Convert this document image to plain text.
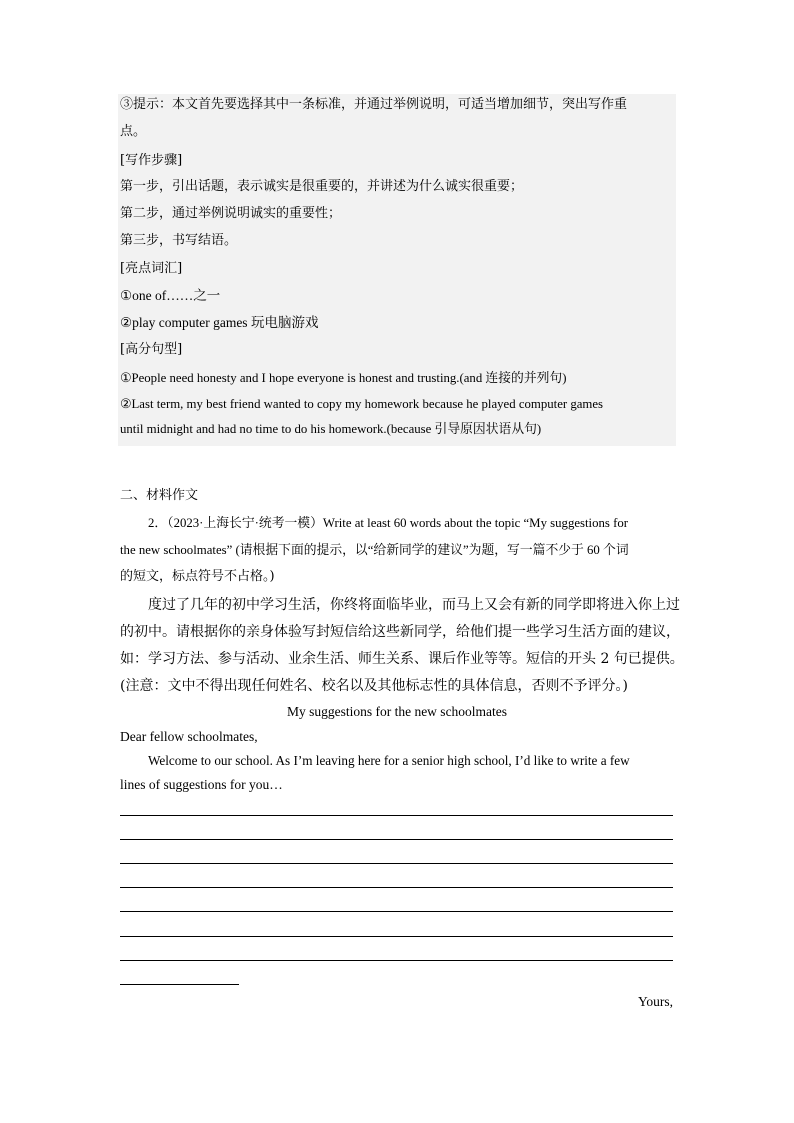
③提示：本文首先要选择其中一条标准，并通过举例说明，可适当增加细节，突出写作重
点。
[写作步骤]
第一步，引出话题，表示诚实是很重要的，并讲述为什么诚实很重要；
第二步，通过举例说明诚实的重要性；
第三步，书写结语。
[亮点词汇]
①one of……之一
②play computer games 玩电脑游戏
[高分句型]
①People need honesty and I hope everyone is honest and trusting.(and 连接的并列句)
②Last term, my best friend wanted to copy my homework because he played computer games
until midnight and had no time to do his homework.(because 引导原因状语从句)
二、材料作文
2．（2023·上海长宁·统考一模）Write at least 60 words about the topic “My suggestions for
the new schoolmates” (请根据下面的提示，以“给新同学的建议”为题，写一篇不少于 60 个词
的短文，标点符号不占格。)
度过了几年的初中学习生活，你终将面临毕业，而马上又会有新的同学即将进入你上过
的初中。请根据你的亲身体验写封短信给这些新同学，给他们提一些学习生活方面的建议，
如：学习方法、参与活动、业余生活、师生关系、课后作业等等。短信的开头 2 句已提供。
(注意：文中不得出现任何姓名、校名以及其他标志性的具体信息，否则不予评分。)
My suggestions for the new schoolmates
Dear fellow schoolmates,
Welcome to our school. As I’m leaving here for a senior high school, I’d like to write a few
lines of suggestions for you…
Yours,
